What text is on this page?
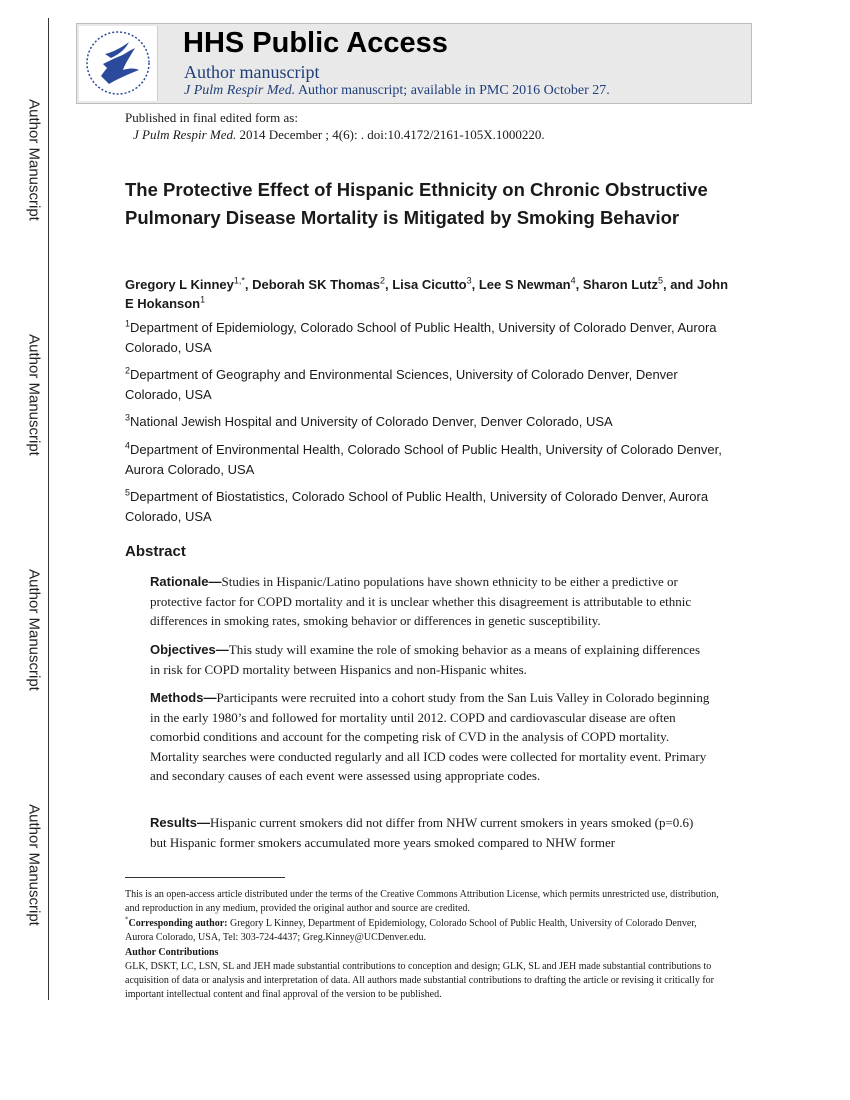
Author Manuscript
Author Manuscript
Author Manuscript
Author Manuscript
HHS Public Access
Author manuscript
J Pulm Respir Med. Author manuscript; available in PMC 2016 October 27.
Published in final edited form as:
J Pulm Respir Med. 2014 December ; 4(6): . doi:10.4172/2161-105X.1000220.
The Protective Effect of Hispanic Ethnicity on Chronic Obstructive Pulmonary Disease Mortality is Mitigated by Smoking Behavior
Gregory L Kinney$^{1,*}$, Deborah SK Thomas$^2$, Lisa Cicutto$^3$, Lee S Newman$^4$, Sharon Lutz$^5$, and John E Hokanson$^1$
$^1$Department of Epidemiology, Colorado School of Public Health, University of Colorado Denver, Aurora Colorado, USA
$^2$Department of Geography and Environmental Sciences, University of Colorado Denver, Denver Colorado, USA
$^3$National Jewish Hospital and University of Colorado Denver, Denver Colorado, USA
$^4$Department of Environmental Health, Colorado School of Public Health, University of Colorado Denver, Aurora Colorado, USA
$^5$Department of Biostatistics, Colorado School of Public Health, University of Colorado Denver, Aurora Colorado, USA
Abstract
Rationale—Studies in Hispanic/Latino populations have shown ethnicity to be either a predictive or protective factor for COPD mortality and it is unclear whether this disagreement is attributable to ethnic differences in smoking rates, smoking behavior or differences in genetic susceptibility.
Objectives—This study will examine the role of smoking behavior as a means of explaining differences in risk for COPD mortality between Hispanics and non-Hispanic whites.
Methods—Participants were recruited into a cohort study from the San Luis Valley in Colorado beginning in the early 1980’s and followed for mortality until 2012. COPD and cardiovascular disease are often comorbid conditions and account for the competing risk of CVD in the analysis of COPD mortality. Mortality searches were conducted regularly and all ICD codes were collected for mortality event. Primary and secondary causes of each event were assessed using appropriate codes.
Results—Hispanic current smokers did not differ from NHW current smokers in years smoked (p=0.6) but Hispanic former smokers accumulated more years smoked compared to NHW former
This is an open-access article distributed under the terms of the Creative Commons Attribution License, which permits unrestricted use, distribution, and reproduction in any medium, provided the original author and source are credited.
*Corresponding author: Gregory L Kinney, Department of Epidemiology, Colorado School of Public Health, University of Colorado Denver, Aurora Colorado, USA, Tel: 303-724-4437; Greg.Kinney@UCDenver.edu.
Author Contributions
GLK, DSKT, LC, LSN, SL and JEH made substantial contributions to conception and design; GLK, SL and JEH made substantial contributions to acquisition of data or analysis and interpretation of data. All authors made substantial contributions to drafting the article or revising it critically for important intellectual content and final approval of the version to be published.
